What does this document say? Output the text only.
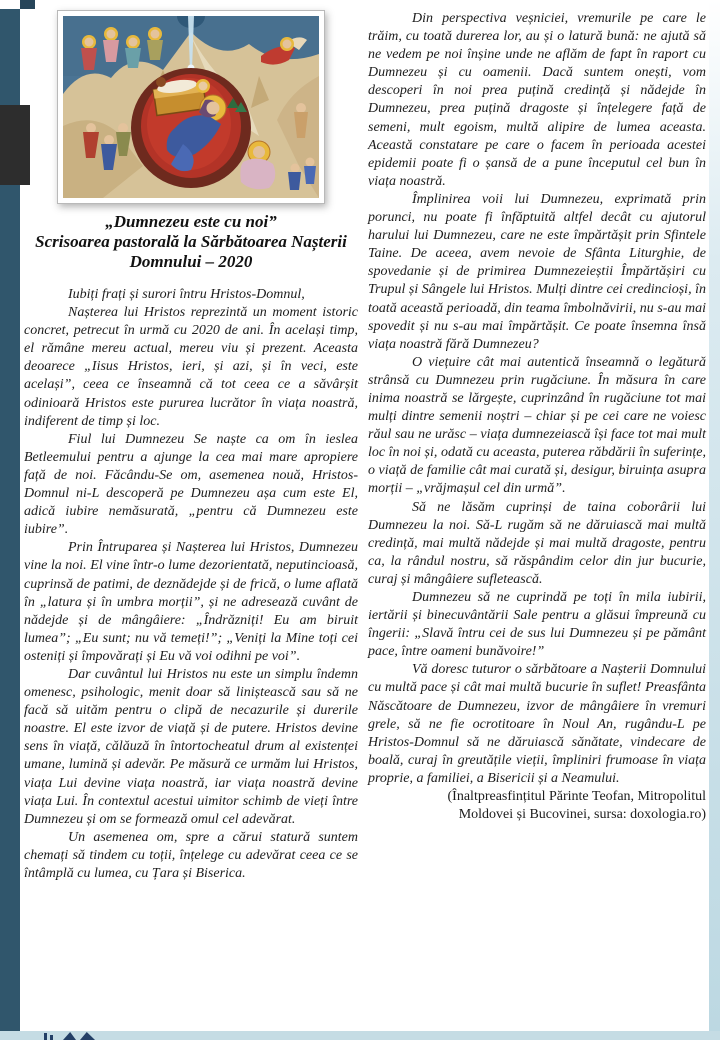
„Dumnezeu este cu noi”
Scrisoarea pastorală la Sărbătoarea Nașterii
Domnului – 2020

Iubiți frați și surori întru Hristos-Domnul,

Nașterea lui Hristos reprezintă un moment istoric concret, petrecut în urmă cu 2020 de ani. În același timp, el rămâne mereu actual, mereu viu și prezent. Aceasta deoarece „Iisus Hristos, ieri, și azi, și în veci, este același”, ceea ce înseamnă că tot ceea ce a săvârșit odinioară Hristos este pururea lucrător în viața noastră, indiferent de timp și loc.

Fiul lui Dumnezeu Se naște ca om în ieslea Betleemului pentru a ajunge la cea mai mare apropiere față de noi. Făcându-Se om, asemenea nouă, Hristos-Domnul ni-L descoperă pe Dumnezeu așa cum este El, adică iubire nemăsurată, „pentru că Dumnezeu este iubire”.

Prin Întruparea și Nașterea lui Hristos, Dumnezeu vine la noi. El vine într-o lume dezorientată, neputincioasă, cuprinsă de patimi, de deznădejde și de frică, o lume aflată în „latura și în umbra morții”, și ne adresează cuvânt de nădejde și de mângâiere: „Îndrăzniți! Eu am biruit lumea”; „Eu sunt; nu vă temeți!”; „Veniți la Mine toți cei osteniți și împovărați și Eu vă voi odihni pe voi”.

Dar cuvântul lui Hristos nu este un simplu îndemn omenesc, psihologic, menit doar să liniștească sau să ne facă să uităm pentru o clipă de necazurile și durerile noastre. El este izvor de viață și de putere. Hristos devine sens în viață, călăuză în întortocheatul drum al existenței umane, lumină și adevăr. Pe măsură ce urmăm lui Hristos, viața Lui devine viața noastră, iar viața noastră devine viața Lui. În contextul acestui uimitor schimb de vieți între Dumnezeu și om se formează omul cel adevărat.

Un asemenea om, spre a cărui statură suntem chemați să tindem cu toții, înțelege cu adevărat ceea ce se întâmplă cu lumea, cu Țara și Biserica.

Din perspectiva veșniciei, vremurile pe care le trăim, cu toată durerea lor, au și o latură bună: ne ajută să ne vedem pe noi înșine unde ne aflăm de fapt în raport cu Dumnezeu și cu oamenii. Dacă suntem onești, vom descoperi în noi prea puțină credință și nădejde în Dumnezeu, prea puțină dragoste și înțelegere față de semeni, mult egoism, multă alipire de lumea aceasta. Această constatare pe care o facem în perioada acestei epidemii poate fi o șansă de a pune începutul cel bun în viața noastră.

Împlinirea voii lui Dumnezeu, exprimată prin porunci, nu poate fi înfăptuită altfel decât cu ajutorul harului lui Dumnezeu, care ne este împărtășit prin Sfintele Taine. De aceea, avem nevoie de Sfânta Liturghie, de spovedanie și de primirea Dumnezeieștii Împărtășiri cu Trupul și Sângele lui Hristos. Mulți dintre cei credincioși, în toată această perioadă, din teama îmbolnăvirii, nu s-au mai spovedit și nu s-au mai împărtășit. Ce poate însemna însă viața noastră fără Dumnezeu?

O viețuire cât mai autentică înseamnă o legătură strânsă cu Dumnezeu prin rugăciune. În măsura în care inima noastră se lărgește, cuprinzând în rugăciune tot mai mulți dintre semenii noștri – chiar și pe cei care ne voiesc răul sau ne urăsc – viața dumnezeiască își face tot mai mult loc în noi și, odată cu aceasta, puterea răbdării în suferințe, o viață de familie cât mai curată și, desigur, biruința asupra morții – „vrăjmașul cel din urmă”.

Să ne lăsăm cuprinși de taina coborârii lui Dumnezeu la noi. Să-L rugăm să ne dăruiască mai multă credință, mai multă nădejde și mai multă dragoste, pentru ca, la rândul nostru, să răspândim celor din jur bucurie, curaj și mângâiere sufletească.

Dumnezeu să ne cuprindă pe toți în mila iubirii, iertării și binecuvântării Sale pentru a glăsui împreună cu îngerii: „Slavă întru cei de sus lui Dumnezeu și pe pământ pace, între oameni bunăvoire!”

Vă doresc tuturor o sărbătoare a Nașterii Domnului cu multă pace și cât mai multă bucurie în suflet! Preasfânta Născătoare de Dumnezeu, izvor de mângâiere în vremuri grele, să ne fie ocrotitoare în Noul An, rugându-L pe Hristos-Domnul să ne dăruiască sănătate, vindecare de boală, curaj în greutățile vieții, împliniri frumoase în viața proprie, a familiei, a Bisericii și a Neamului.

(Înaltpreasfințitul Părinte Teofan, Mitropolitul Moldovei și Bucovinei, sursa: doxologia.ro)
